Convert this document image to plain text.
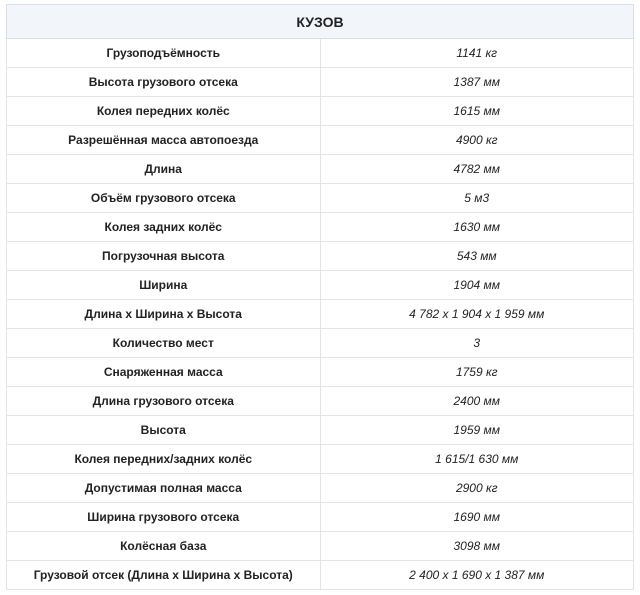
КУЗОВ	
Грузоподъёмность	1141 кг
Высота грузового отсека	1387 мм
Колея передних колёс	1615 мм
Разрешённая масса автопоезда	4900 кг
Длина	4782 мм
Объём грузового отсека	5 м3
Колея задних колёс	1630 мм
Погрузочная высота	543 мм
Ширина	1904 мм
Длина x Ширина x Высота	4 782 x 1 904 x 1 959 мм
Количество мест	3
Снаряженная масса	1759 кг
Длина грузового отсека	2400 мм
Высота	1959 мм
Колея передних/задних колёс	1 615/1 630 мм
Допустимая полная масса	2900 кг
Ширина грузового отсека	1690 мм
Колёсная база	3098 мм
Грузовой отсек (Длина x Ширина x Высота)	2 400 x 1 690 x 1 387 мм
